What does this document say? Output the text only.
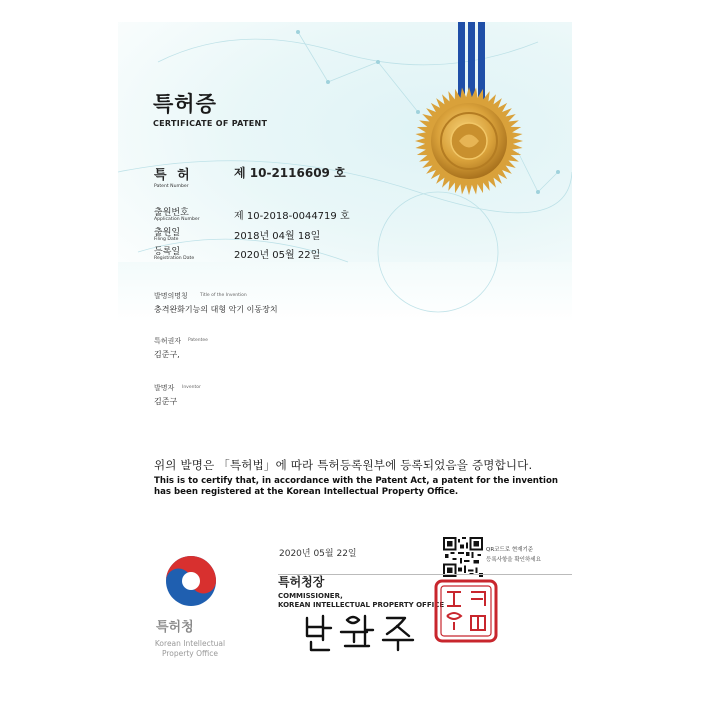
특허증
CERTIFICATE OF PATENT
특 허
Patent Number
제 10-2116609 호
출원번호
Application Number	제 10-2018-0044719 호
출원일
Filing Date	2018년 04월 18일
등록일
Registration Date	2020년 05월 22일
발명의명칭	Title of the Invention
충격완화기능의 대형 악기 이동장치
특허권자 Patentee
김준구,
발명자 Inventor
김준구
위의 발명은 「특허법」에 따라 특허등록원부에 등록되었음을 증명합니다.
This is to certify that, in accordance with the Patent Act, a patent for the invention
has been registered at the Korean Intellectual Property Office.
2020년 05월 22일	QR코드로 현재기준
등록사항을 확인하세요
특허청장
COMMISSIONER,
KOREAN INTELLECTUAL PROPERTY OFFICE
특허청
Korean Intellectual
Property Office
